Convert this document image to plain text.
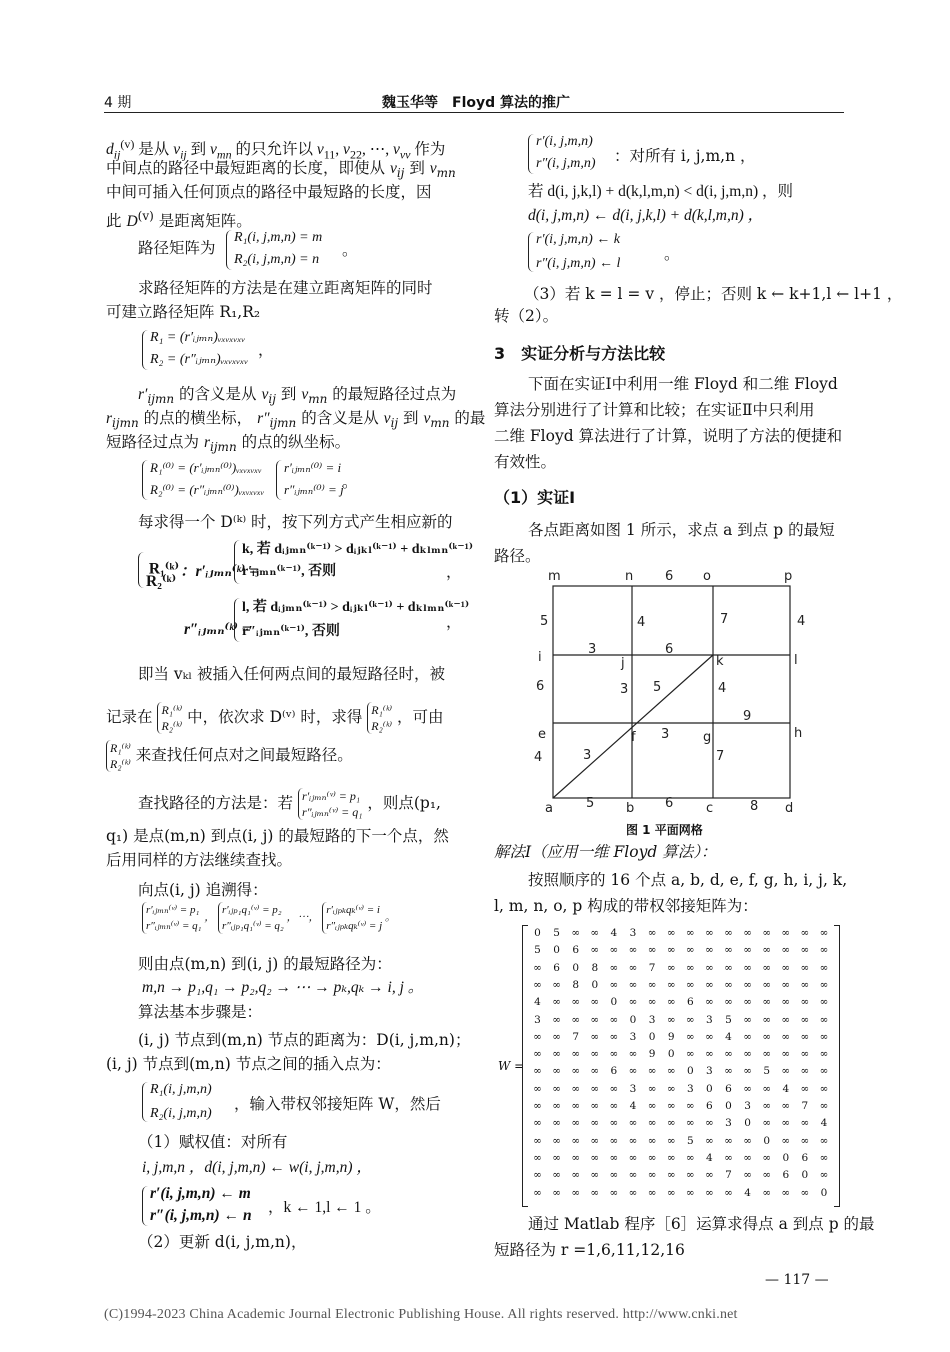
4 期	魏玉华等　Floyd 算法的推广
$d_{ij}^{(v)}$ 是从 $v_{ij}$ 到 $v_{mn}$ 的只允许以 $v_{11}$, $v_{22}$, ⋯, $v_{vv}$ 作为
中间点的路径中最短距离的长度，即使从 $v_{ij}$ 到 $v_{mn}$
中间可插入任何顶点的路径中最短路的长度，因
此 $D^{(v)}$ 是距离矩阵。
路径矩阵为
R₁(i, j,m,n) = m
R₂(i, j,m,n) = n
。
求路径矩阵的方法是在建立距离矩阵的同时
可建立路径矩阵 R₁,R₂
R₁ = (r′ᵢⱼₘₙ)ᵥₓᵥₓᵥₓᵥ
R₂ = (r″ᵢⱼₘₙ)ᵥₓᵥₓᵥₓᵥ
，
$r'_{ijmn}$ 的含义是从 $v_{ij}$ 到 $v_{mn}$ 的最短路径过点为
$r_{ijmn}$ 的点的横坐标， $r''_{ijmn}$ 的含义是从 $v_{ij}$ 到 $v_{mn}$ 的最
短路径过点为 $r_{ijmn}$ 的点的纵坐标。
R₁⁽⁰⁾ = (r′ᵢⱼₘₙ⁽⁰⁾)ᵥₓᵥₓᵥₓᵥ
R₂⁽⁰⁾ = (r″ᵢⱼₘₙ⁽⁰⁾)ᵥₓᵥₓᵥₓᵥ
r′ᵢⱼₘₙ⁽⁰⁾ = i
r″ᵢⱼₘₙ⁽⁰⁾ = j
。
每求得一个 D⁽ᵏ⁾ 时，按下列方式产生相应新的
R₁⁽ᵏ⁾

R₂⁽ᵏ⁾
：r′ᵢⱼₘₙ⁽ᵏ⁾ =
k, 若 dᵢⱼₘₙ⁽ᵏ⁻¹⁾ > dᵢⱼₖₗ⁽ᵏ⁻¹⁾ + dₖₗₘₙ⁽ᵏ⁻¹⁾
r′ᵢⱼₘₙ⁽ᵏ⁻¹⁾, 否则	，
r″ᵢⱼₘₙ⁽ᵏ⁾ =
l, 若 dᵢⱼₘₙ⁽ᵏ⁻¹⁾ > dᵢⱼₖₗ⁽ᵏ⁻¹⁾ + dₖₗₘₙ⁽ᵏ⁻¹⁾
r″ᵢⱼₘₙ⁽ᵏ⁻¹⁾, 否则
，
即当 vₖₗ 被插入任何两点间的最短路径时，被
记录在 R₁⁽ᵏ⁾
R₂⁽ᵏ⁾ 中，依次求 D⁽ᵛ⁾ 时，求得 R₁⁽ᵏ⁾
R₂⁽ᵏ⁾ ，可由
R₁⁽ᵏ⁾
R₂⁽ᵏ⁾ 来查找任何点对之间最短路径。
查找路径的方法是：若 r′ᵢⱼₘₙ⁽ᵛ⁾ = p₁
r″ᵢⱼₘₙ⁽ᵛ⁾ = q₁ ，则点(p₁,
q₁) 是点(m,n) 到点(i, j) 的最短路的下一个点，然
后用同样的方法继续查找。
向点(i, j) 追溯得：
r′ᵢⱼₘₙ⁽ᵛ⁾ = p₁
r″ᵢⱼₘₙ⁽ᵛ⁾ = q₁ ， r′ᵢⱼₚ₁q₁⁽ᵛ⁾ = p₂
r″ᵢⱼₚ₁q₁⁽ᵛ⁾ = q₂ ，⋯， r′ᵢⱼₚₖqₖ⁽ᵛ⁾ = i
r″ᵢⱼₚₖqₖ⁽ᵛ⁾ = j 。
则由点(m,n) 到(i, j) 的最短路径为：
m,n → p₁,q₁ → p₂,q₂ → ⋯ → pₖ,qₖ → i, j 。
算法基本步骤是：
(i, j) 节点到(m,n) 节点的距离为：D(i, j,m,n)；
(i, j) 节点到(m,n) 节点之间的插入点为：
R₁(i, j,m,n)
R₂(i, j,m,n)
，输入带权邻接矩阵 W，然后
（1）赋权值：对所有
i, j,m,n ，d(i, j,m,n) ← w(i, j,m,n) ，
r′(i, j,m,n) ← m
r″(i, j,m,n) ← n ，k ← 1,l ← 1 。
（2）更新 d(i, j,m,n)，
r′(i, j,m,n)
r″(i, j,m,n) ：对所有 i, j,m,n ，
若 d(i, j,k,l) + d(k,l,m,n) < d(i, j,m,n) ，则
d(i, j,m,n) ← d(i, j,k,l) + d(k,l,m,n) ，
r′(i, j,m,n) ← k
r″(i, j,m,n) ← l
。
（3）若 k = l = v ，停止；否则 k ← k+1,l ← l+1 ，
转（2）。
3　实证分析与方法比较
下面在实证Ⅰ中利用一维 Floyd 和二维 Floyd
算法分别进行了计算和比较；在实证Ⅱ中只利用
二维 Floyd 算法进行了计算，说明了方法的便捷和
有效性。
（1）实证Ⅰ
各点距离如图 1 所示，求点 a 到点 p 的最短
路径。
m	n 6 o	p
5	4	7	4
i
3
j
6
k	l
6	3 5	4
9
e	f 3	g	h
4	3	7
a	5 b 6	c	8 d
图 1 平面网格
解法Ⅰ（应用一维 Floyd 算法）：
按照顺序的 16 个点 a, b, d, e, f, g, h, i, j, k,
l, m, n, o, p 构成的带权邻接矩阵为：
W =
0	5	∞ ∞	4	3	∞ ∞ ∞ ∞ ∞ ∞ ∞ ∞ ∞ ∞
5	0	6	∞ ∞ ∞ ∞ ∞ ∞ ∞ ∞ ∞ ∞ ∞ ∞ ∞
∞	6	0	8	∞ ∞	7	∞ ∞ ∞ ∞ ∞ ∞ ∞ ∞ ∞
∞ ∞	8	0	∞ ∞ ∞ ∞ ∞ ∞ ∞ ∞ ∞ ∞ ∞ ∞
4	∞ ∞ ∞	0	∞ ∞ ∞	6	∞ ∞ ∞ ∞ ∞ ∞ ∞
3	∞ ∞ ∞ ∞	0	3	∞ ∞	3	5	∞ ∞ ∞ ∞ ∞
∞ ∞	7	∞ ∞	3	0	9	∞ ∞	4	∞ ∞ ∞ ∞ ∞
∞ ∞ ∞ ∞ ∞ ∞	9	0	∞ ∞ ∞ ∞ ∞ ∞ ∞ ∞
∞ ∞ ∞ ∞	6	∞ ∞ ∞	0	3	∞ ∞	5	∞ ∞ ∞
∞ ∞ ∞ ∞ ∞	3	∞ ∞	3	0	6	∞ ∞	4	∞ ∞
∞ ∞ ∞ ∞ ∞	4	∞ ∞ ∞	6	0	3	∞ ∞	7	∞
∞ ∞ ∞ ∞ ∞ ∞ ∞ ∞ ∞ ∞	3	0	∞ ∞ ∞	4
∞ ∞ ∞ ∞ ∞ ∞ ∞ ∞	5	∞ ∞ ∞	0	∞ ∞ ∞
∞ ∞ ∞ ∞ ∞ ∞ ∞ ∞ ∞	4	∞ ∞ ∞	0	6	∞
∞ ∞ ∞ ∞ ∞ ∞ ∞ ∞ ∞ ∞	7	∞ ∞	6	0	∞
∞ ∞ ∞ ∞ ∞ ∞ ∞ ∞ ∞ ∞ ∞	4	∞ ∞ ∞	0
通过 Matlab 程序［6］运算求得点 a 到点 p 的最
短路径为 r =1,6,11,12,16
— 117 —
(C)1994-2023 China Academic Journal Electronic Publishing House. All rights reserved. http://www.cnki.net
